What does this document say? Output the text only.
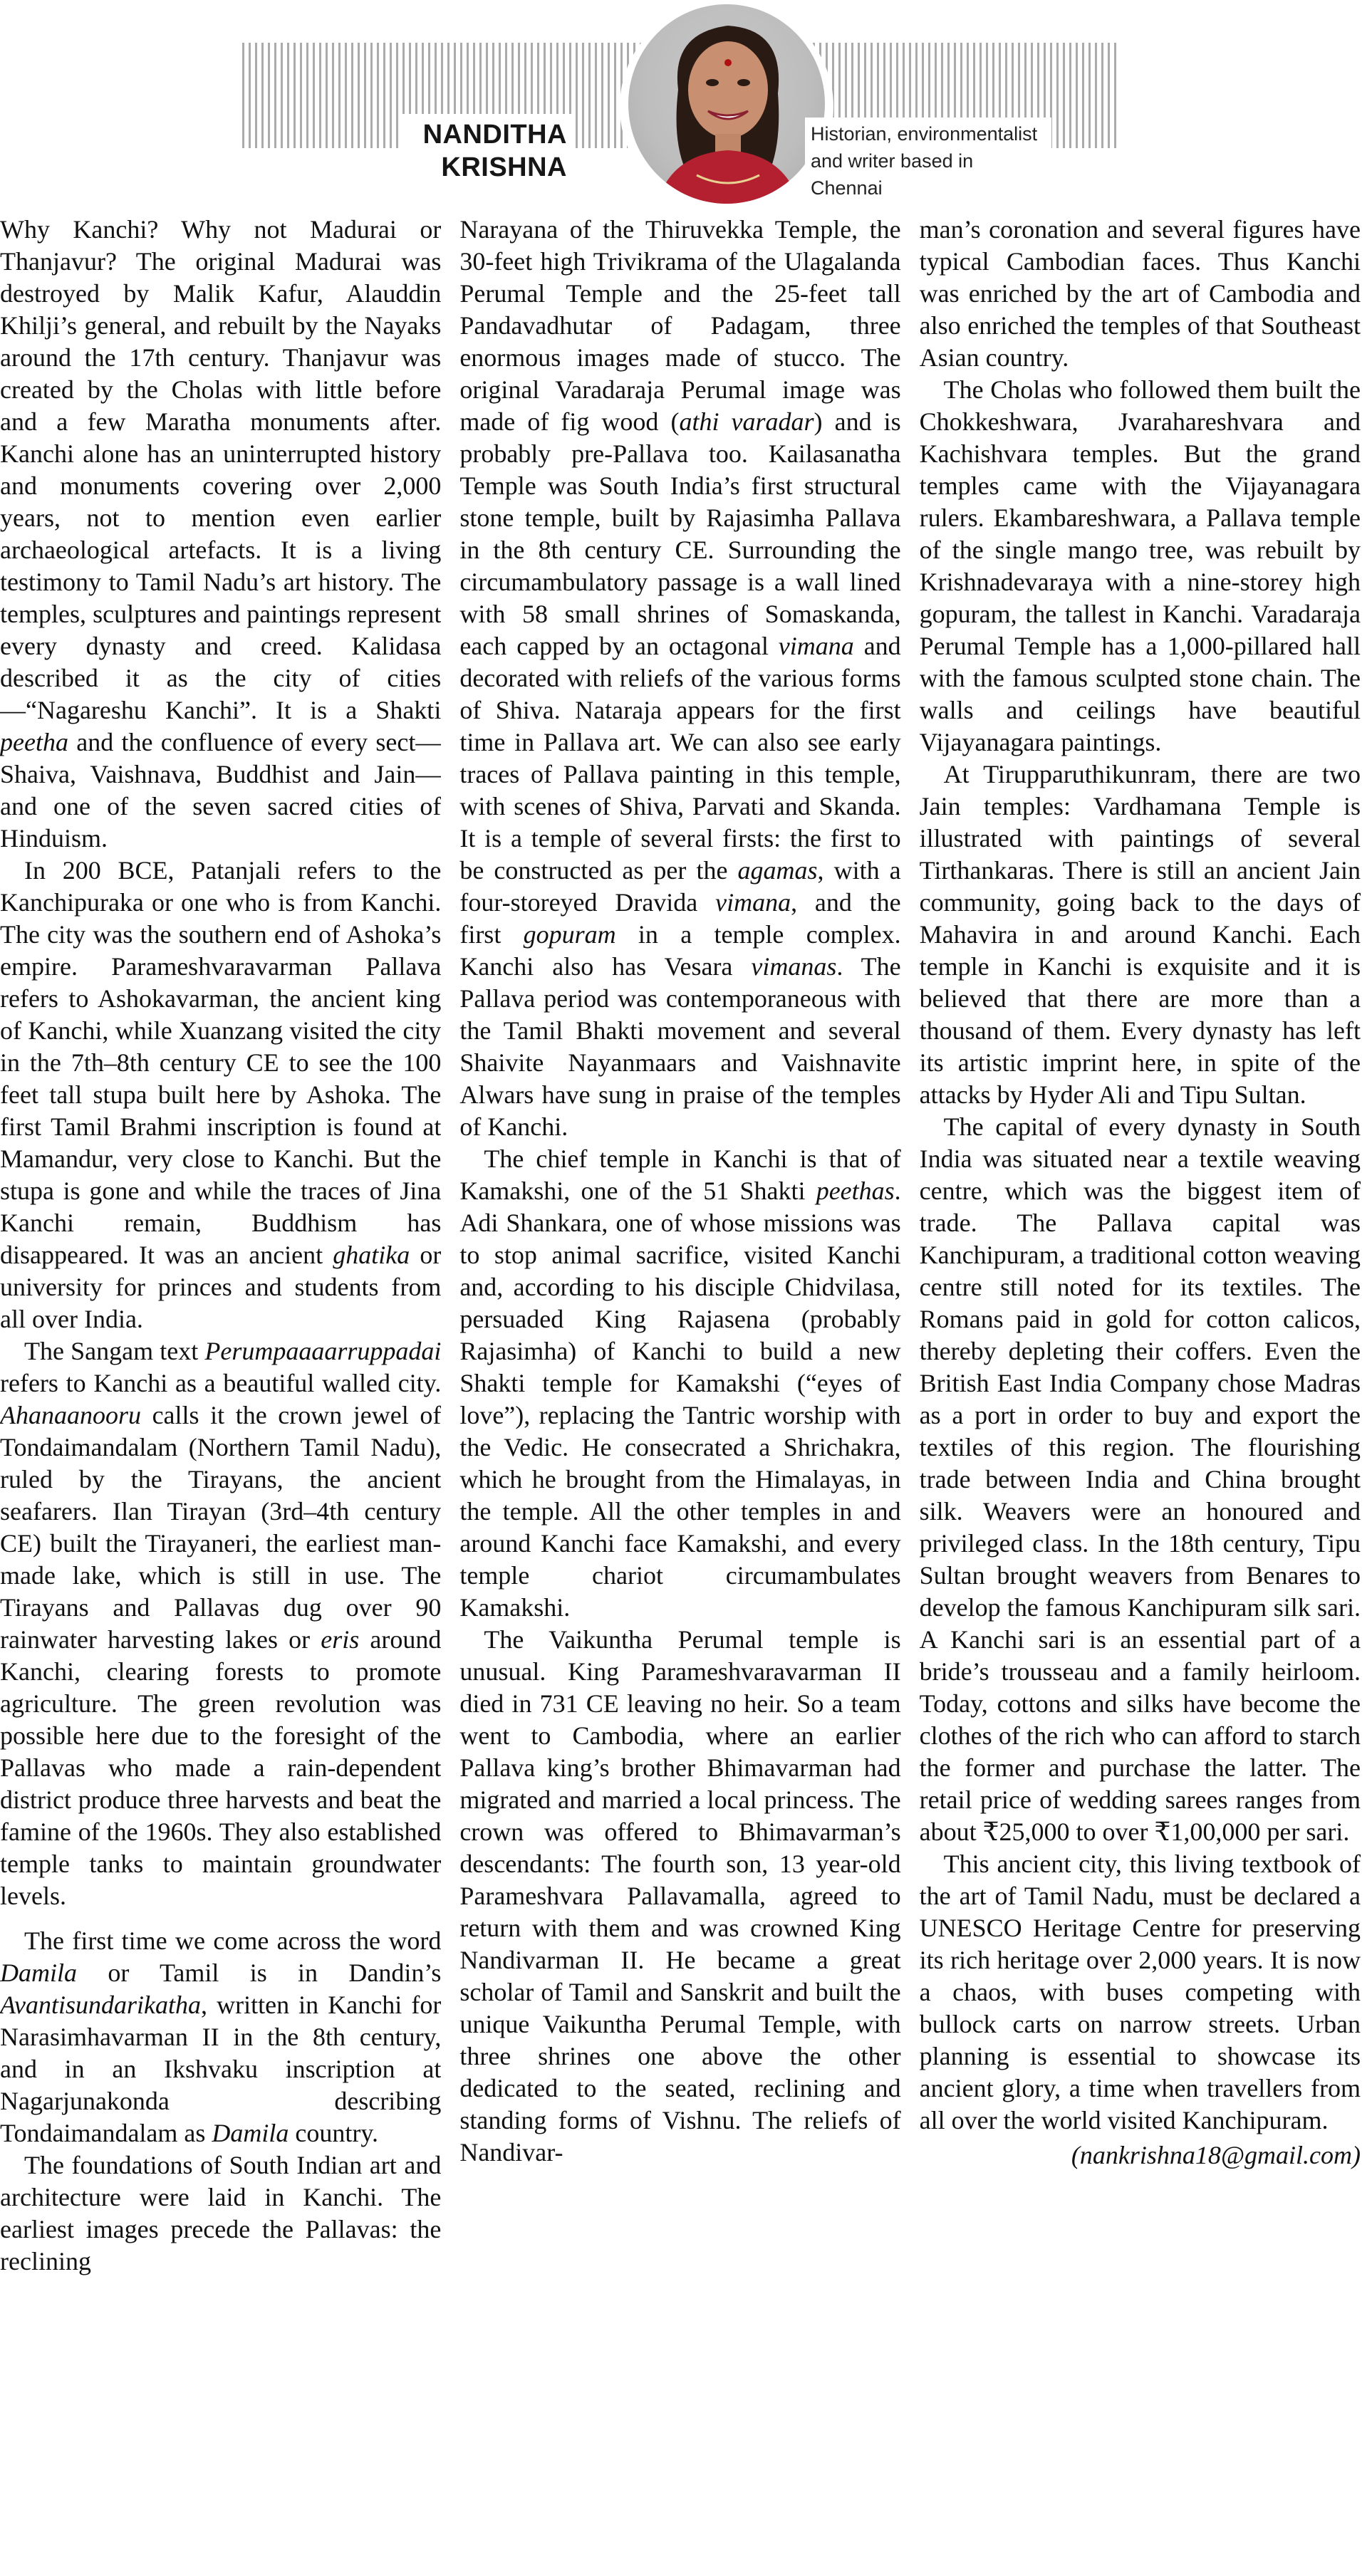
NANDITHA
KRISHNA
Historian, environmentalist
and writer based in Chennai

Why Kanchi? Why not Madurai or Thanjavur? The original Madurai was destroyed by Malik Kafur, Alauddin Khilji’s general, and rebuilt by the Nayaks around the 17th century. Thanjavur was created by the Cholas with little before and a few Maratha monuments after. Kanchi alone has an uninterrupted history and monuments covering over 2,000 years, not to mention even earlier archaeological artefacts. It is a living testimony to Tamil Nadu’s art history. The temples, sculptures and paintings represent every dynasty and creed. Kalidasa described it as the city of cities—“Nagareshu Kanchi”. It is a Shakti peetha and the confluence of every sect— Shaiva, Vaishnava, Buddhist and Jain—and one of the seven sacred cities of Hinduism.

In 200 BCE, Patanjali refers to the Kanchipuraka or one who is from Kanchi. The city was the southern end of Ashoka’s empire. Parameshvaravarman Pallava refers to Ashokavarman, the ancient king of Kanchi, while Xuanzang visited the city in the 7th–8th century CE to see the 100 feet tall stupa built here by Ashoka. The first Tamil Brahmi inscription is found at Mamandur, very close to Kanchi. But the stupa is gone and while the traces of Jina Kanchi remain, Buddhism has disappeared. It was an ancient ghatika or university for princes and students from all over India.

The Sangam text Perumpaaaarruppadai refers to Kanchi as a beautiful walled city. Ahanaanooru calls it the crown jewel of Tondaimandalam (Northern Tamil Nadu), ruled by the Tirayans, the ancient seafarers. Ilan Tirayan (3rd–4th century CE) built the Tirayaneri, the earliest man-made lake, which is still in use. The Tirayans and Pallavas dug over 90 rainwater harvesting lakes or eris around Kanchi, clearing forests to promote agriculture. The green revolution was possible here due to the foresight of the Pallavas who made a rain-dependent district produce three harvests and beat the famine of the 1960s. They also established temple tanks to maintain groundwater levels.

The first time we come across the word Damila or Tamil is in Dandin’s Avantisundarikatha, written in Kanchi for Narasimhavarman II in the 8th century, and in an Ikshvaku inscription at Nagarjunakonda describing Tondaimandalam as Damila country.

The foundations of South Indian art and architecture were laid in Kanchi. The earliest images precede the Pallavas: the reclining

Narayana of the Thiruvekka Temple, the 30-feet high Trivikrama of the Ulagalanda Perumal Temple and the 25-feet tall Pandavadhutar of Padagam, three enormous images made of stucco. The original Varadaraja Perumal image was made of fig wood (athi varadar) and is probably pre-Pallava too. Kailasanatha Temple was South India’s first structural stone temple, built by Rajasimha Pallava in the 8th century CE. Surrounding the circumambulatory passage is a wall lined with 58 small shrines of Somaskanda, each capped by an octagonal vimana and decorated with reliefs of the various forms of Shiva. Nataraja appears for the first time in Pallava art. We can also see early traces of Pallava painting in this temple, with scenes of Shiva, Parvati and Skanda. It is a temple of several firsts: the first to be constructed as per the agamas, with a four-storeyed Dravida vimana, and the first gopuram in a temple complex. Kanchi also has Vesara vimanas. The Pallava period was contemporaneous with the Tamil Bhakti movement and several Shaivite Nayanmaars and Vaishnavite Alwars have sung in praise of the temples of Kanchi.

The chief temple in Kanchi is that of Kamakshi, one of the 51 Shakti peethas. Adi Shankara, one of whose missions was to stop animal sacrifice, visited Kanchi and, according to his disciple Chidvilasa, persuaded King Rajasena (probably Rajasimha) of Kanchi to build a new Shakti temple for Kamakshi (“eyes of love”), replacing the Tantric worship with the Vedic. He consecrated a Shrichakra, which he brought from the Himalayas, in the temple. All the other temples in and around Kanchi face Kamakshi, and every temple chariot circumambulates Kamakshi.

The Vaikuntha Perumal temple is unusual. King Parameshvaravarman II died in 731 CE leaving no heir. So a team went to Cambodia, where an earlier Pallava king’s brother Bhimavarman had migrated and married a local princess. The crown was offered to Bhimavarman’s descendants: The fourth son, 13 year-old Parameshvara Pallavamalla, agreed to return with them and was crowned King Nandivarman II. He became a great scholar of Tamil and Sanskrit and built the unique Vaikuntha Perumal Temple, with three shrines one above the other dedicated to the seated, reclining and standing forms of Vishnu. The reliefs of Nandivar-

man’s coronation and several figures have typical Cambodian faces. Thus Kanchi was enriched by the art of Cambodia and also enriched the temples of that Southeast Asian country.

The Cholas who followed them built the Chokkeshwara, Jvarahareshvara and Kachishvara temples. But the grand temples came with the Vijayanagara rulers. Ekambareshwara, a Pallava temple of the single mango tree, was rebuilt by Krishnadevaraya with a nine-storey high gopuram, the tallest in Kanchi. Varadaraja Perumal Temple has a 1,000-pillared hall with the famous sculpted stone chain. The walls and ceilings have beautiful Vijayanagara paintings.

At Tirupparuthikunram, there are two Jain temples: Vardhamana Temple is illustrated with paintings of several Tirthankaras. There is still an ancient Jain community, going back to the days of Mahavira in and around Kanchi. Each temple in Kanchi is exquisite and it is believed that there are more than a thousand of them. Every dynasty has left its artistic imprint here, in spite of the attacks by Hyder Ali and Tipu Sultan.

The capital of every dynasty in South India was situated near a textile weaving centre, which was the biggest item of trade. The Pallava capital was Kanchipuram, a traditional cotton weaving centre still noted for its textiles. The Romans paid in gold for cotton calicos, thereby depleting their coffers. Even the British East India Company chose Madras as a port in order to buy and export the textiles of this region. The flourishing trade between India and China brought silk. Weavers were an honoured and privileged class. In the 18th century, Tipu Sultan brought weavers from Benares to develop the famous Kanchipuram silk sari. A Kanchi sari is an essential part of a bride’s trousseau and a family heirloom. Today, cottons and silks have become the clothes of the rich who can afford to starch the former and purchase the latter. The retail price of wedding sarees ranges from about ₹25,000 to over ₹1,00,000 per sari.

This ancient city, this living textbook of the art of Tamil Nadu, must be declared a UNESCO Heritage Centre for preserving its rich heritage over 2,000 years. It is now a chaos, with buses competing with bullock carts on narrow streets. Urban planning is essential to showcase its ancient glory, a time when travellers from all over the world visited Kanchipuram.

(nankrishna18@gmail.com)
